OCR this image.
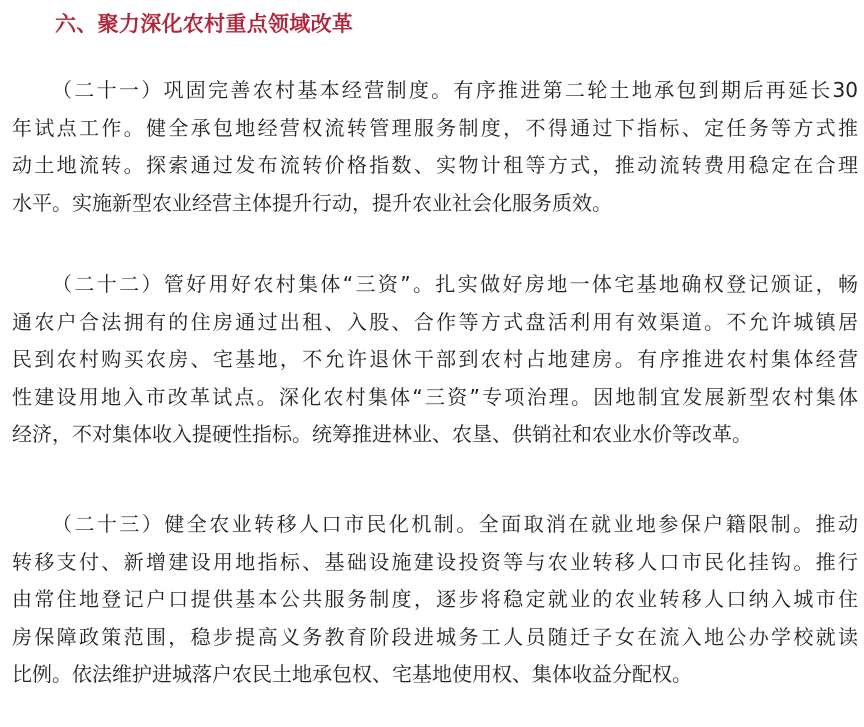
六、聚力深化农村重点领域改革
（二十一）巩固完善农村基本经营制度。有序推进第二轮土地承包到期后再延长30
年试点工作。健全承包地经营权流转管理服务制度，不得通过下指标、定任务等方式推
动土地流转。探索通过发布流转价格指数、实物计租等方式，推动流转费用稳定在合理
水平。实施新型农业经营主体提升行动，提升农业社会化服务质效。
（二十二）管好用好农村集体“三资”。扎实做好房地一体宅基地确权登记颁证，畅
通农户合法拥有的住房通过出租、入股、合作等方式盘活利用有效渠道。不允许城镇居
民到农村购买农房、宅基地，不允许退休干部到农村占地建房。有序推进农村集体经营
性建设用地入市改革试点。深化农村集体“三资”专项治理。因地制宜发展新型农村集体
经济，不对集体收入提硬性指标。统筹推进林业、农垦、供销社和农业水价等改革。
（二十三）健全农业转移人口市民化机制。全面取消在就业地参保户籍限制。推动
转移支付、新增建设用地指标、基础设施建设投资等与农业转移人口市民化挂钩。推行
由常住地登记户口提供基本公共服务制度，逐步将稳定就业的农业转移人口纳入城市住
房保障政策范围，稳步提高义务教育阶段进城务工人员随迁子女在流入地公办学校就读
比例。依法维护进城落户农民土地承包权、宅基地使用权、集体收益分配权。
